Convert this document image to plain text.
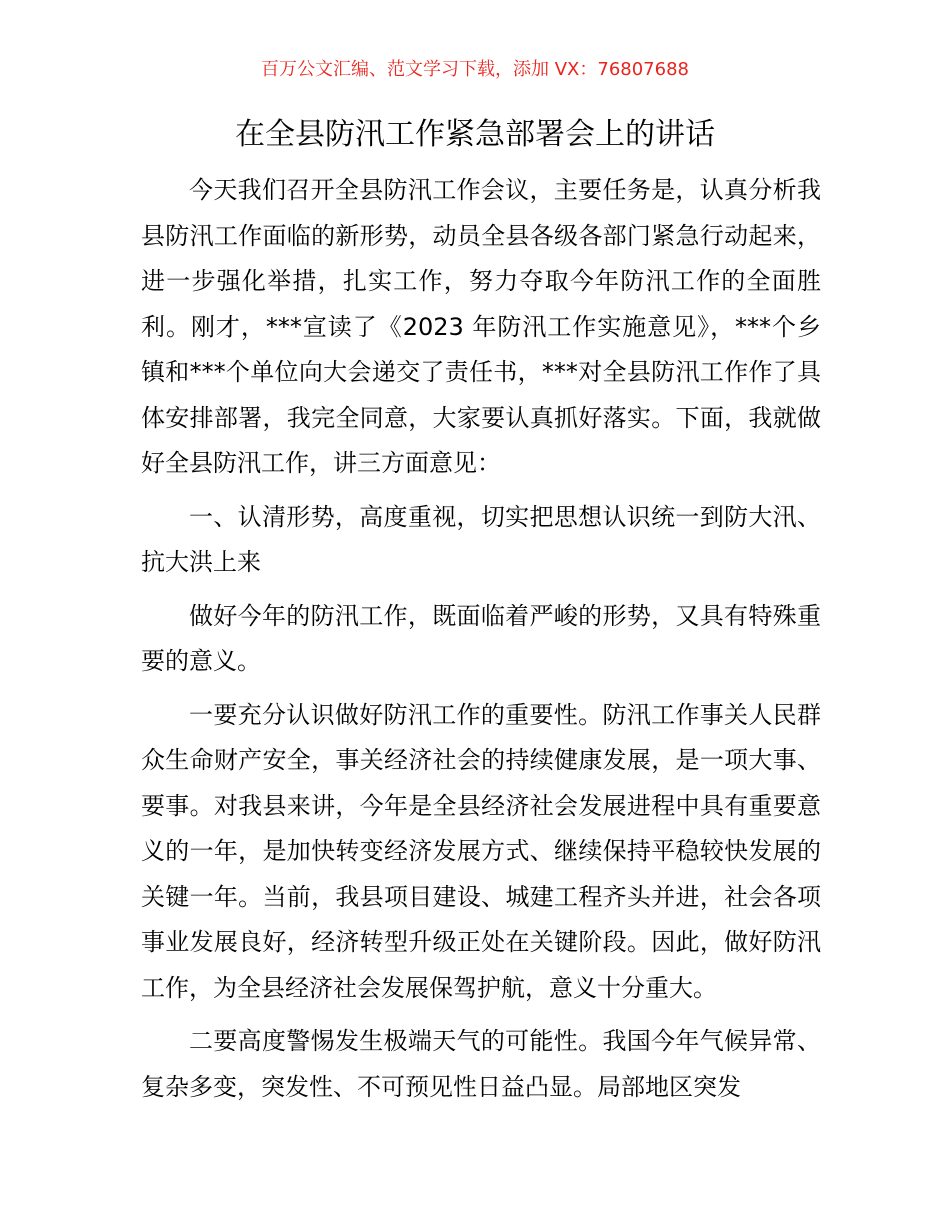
百万公文汇编、范文学习下载，添加 VX：76807688
在全县防汛工作紧急部署会上的讲话

今天我们召开全县防汛工作会议，主要任务是，认真分析我县防汛工作面临的新形势，动员全县各级各部门紧急行动起来，进一步强化举措，扎实工作，努力夺取今年防汛工作的全面胜利。刚才，***宣读了《2023 年防汛工作实施意见》，***个乡镇和***个单位向大会递交了责任书，***对全县防汛工作作了具体安排部署，我完全同意，大家要认真抓好落实。下面，我就做好全县防汛工作，讲三方面意见：

一、认清形势，高度重视，切实把思想认识统一到防大汛、抗大洪上来

做好今年的防汛工作，既面临着严峻的形势，又具有特殊重要的意义。

一要充分认识做好防汛工作的重要性。防汛工作事关人民群众生命财产安全，事关经济社会的持续健康发展，是一项大事、要事。对我县来讲，今年是全县经济社会发展进程中具有重要意义的一年，是加快转变经济发展方式、继续保持平稳较快发展的关键一年。当前，我县项目建设、城建工程齐头并进，社会各项事业发展良好，经济转型升级正处在关键阶段。因此，做好防汛工作，为全县经济社会发展保驾护航，意义十分重大。

二要高度警惕发生极端天气的可能性。我国今年气候异常、复杂多变，突发性、不可预见性日益凸显。局部地区突发
